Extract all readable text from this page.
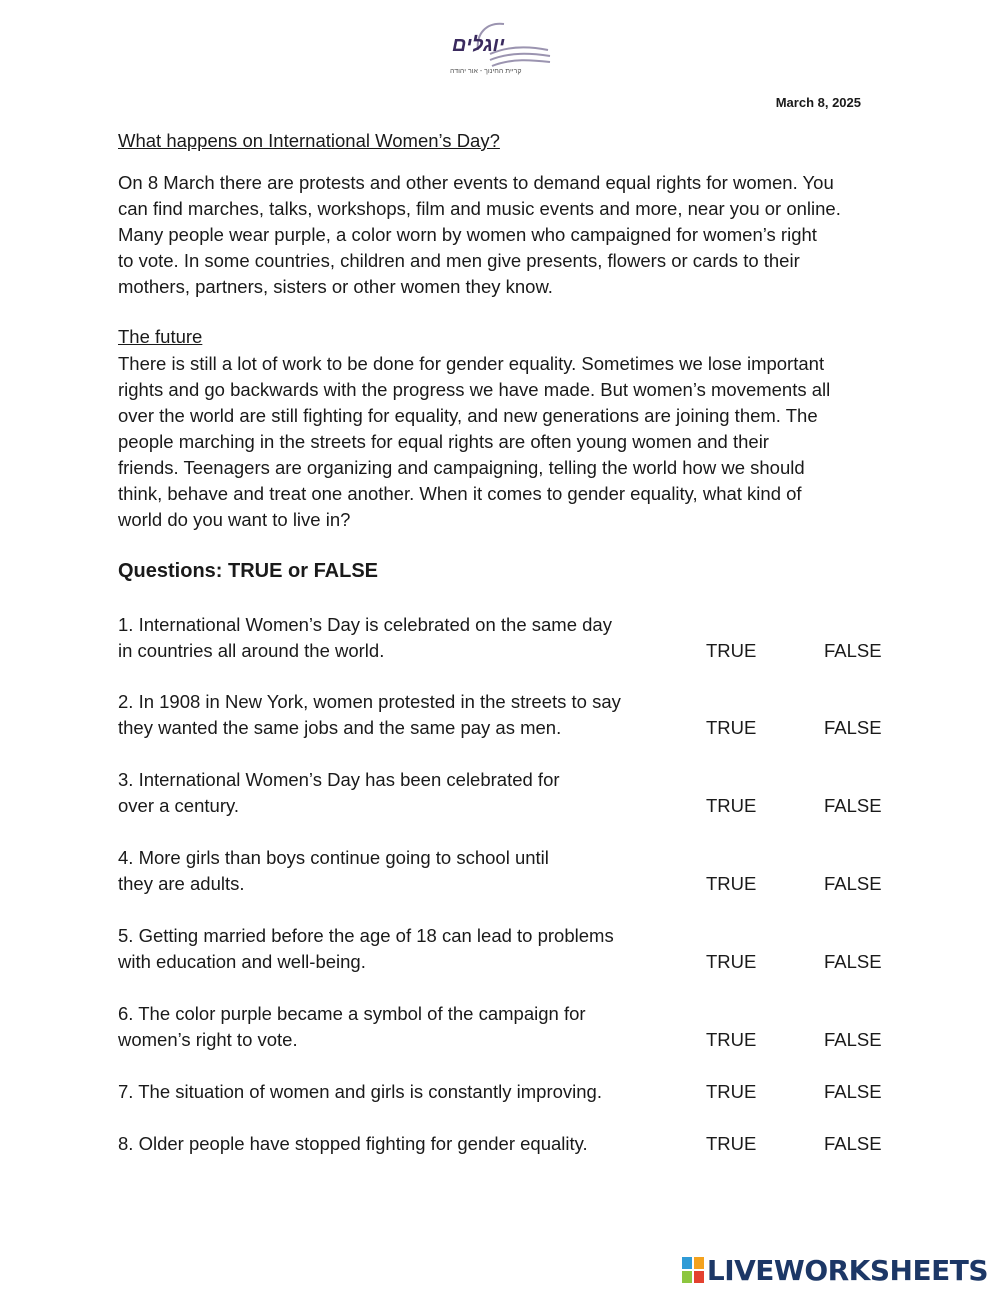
יוגלים
קריית החינוך - אור יהודה
March 8, 2025
What happens on International Women’s Day?

On 8 March there are protests and other events to demand equal rights for women. You

can find marches, talks, workshops, film and music events and more, near you or online.

Many people wear purple, a color worn by women who campaigned for women’s right

to vote. In some countries, children and men give presents, flowers or cards to their

mothers, partners, sisters or other women they know.

The future

There is still a lot of work to be done for gender equality. Sometimes we lose important

rights and go backwards with the progress we have made. But women’s movements all

over the world are still fighting for equality, and new generations are joining them. The

people marching in the streets for equal rights are often young women and their

friends. Teenagers are organizing and campaigning, telling the world how we should

think, behave and treat one another. When it comes to gender equality, what kind of

world do you want to live in?

Questions: TRUE or FALSE
1. International Women’s Day is celebrated on the same day
in countries all around the world.	TRUE	FALSE
2. In 1908 in New York, women protested in the streets to say
they wanted the same jobs and the same pay as men.	TRUE	FALSE
3. International Women’s Day has been celebrated for
over a century.	TRUE	FALSE
4. More girls than boys continue going to school until
they are adults.	TRUE	FALSE
5. Getting married before the age of 18 can lead to problems
with education and well-being.	TRUE	FALSE
6. The color purple became a symbol of the campaign for
women’s right to vote.	TRUE	FALSE
7. The situation of women and girls is constantly improving.	TRUE	FALSE
8. Older people have stopped fighting for gender equality.	TRUE	FALSE
LIVEWORKSHEETS
